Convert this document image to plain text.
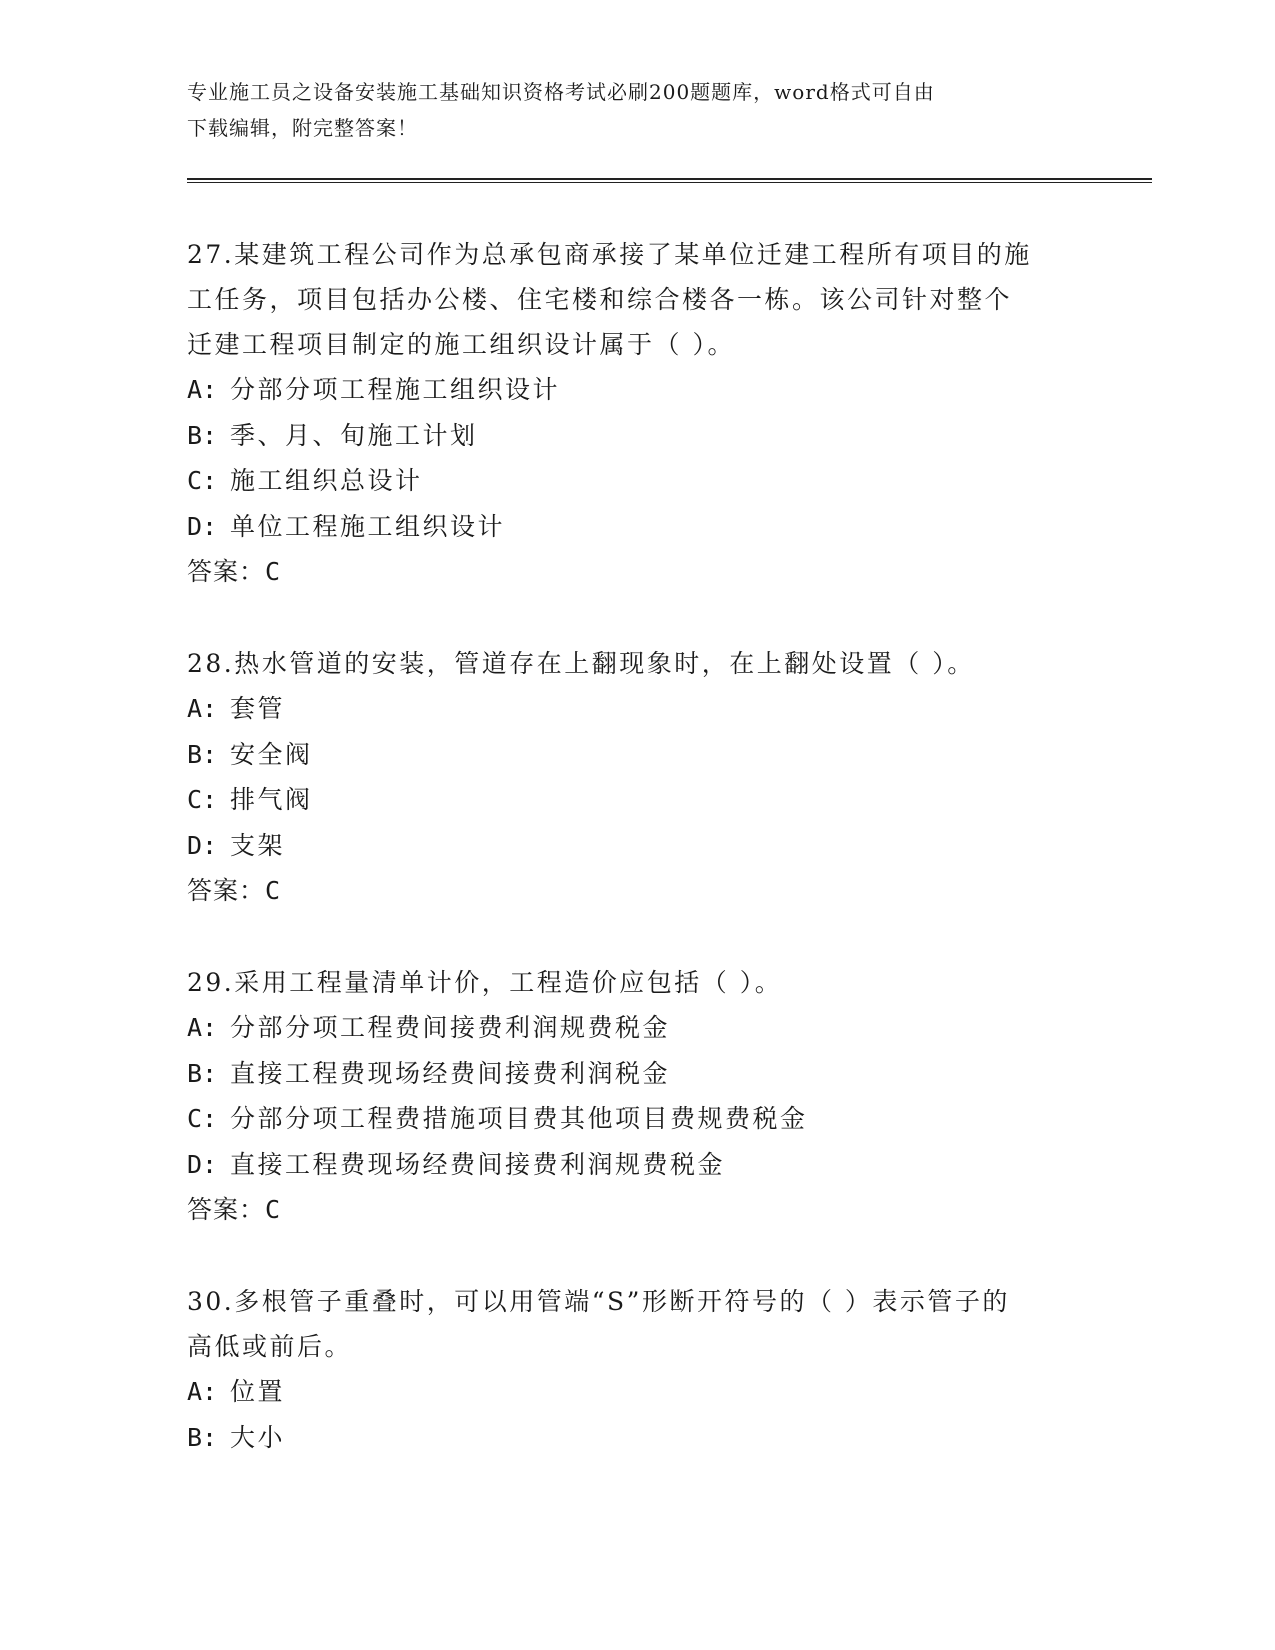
专业施工员之设备安装施工基础知识资格考试必刷200题题库，word格式可自由
下载编辑，附完整答案！
27.某建筑工程公司作为总承包商承接了某单位迁建工程所有项目的施
工任务，项目包括办公楼、住宅楼和综合楼各一栋。该公司针对整个
迁建工程项目制定的施工组织设计属于（ ）。
A: 分部分项工程施工组织设计
B: 季、月、旬施工计划
C: 施工组织总设计
D: 单位工程施工组织设计
答案： C
28.热水管道的安装，管道存在上翻现象时，在上翻处设置（ ）。
A: 套管
B: 安全阀
C: 排气阀
D: 支架
答案： C
29.采用工程量清单计价，工程造价应包括（ ）。
A: 分部分项工程费间接费利润规费税金
B: 直接工程费现场经费间接费利润税金
C: 分部分项工程费措施项目费其他项目费规费税金
D: 直接工程费现场经费间接费利润规费税金
答案： C
30.多根管子重叠时，可以用管端“S”形断开符号的（ ）表示管子的
高低或前后。
A: 位置
B: 大小
